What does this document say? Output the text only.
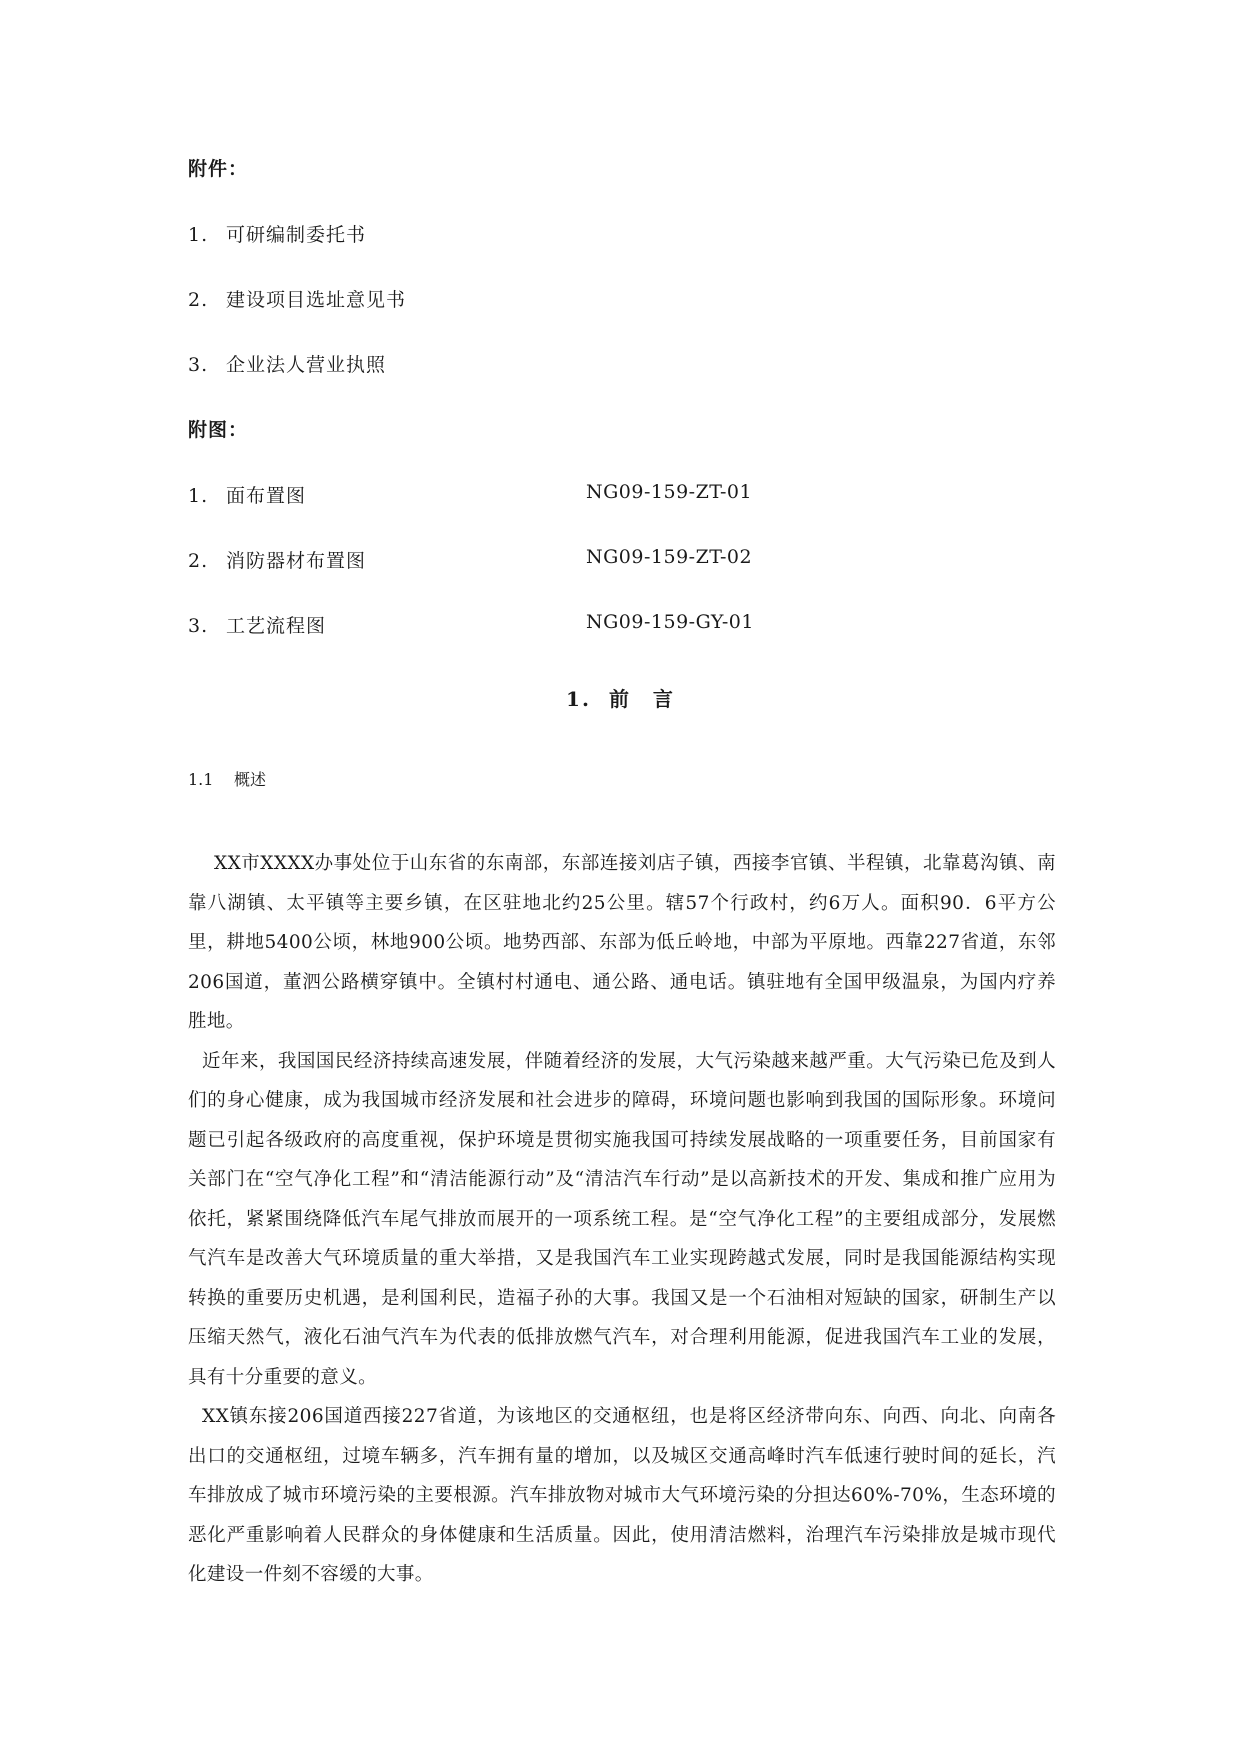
附件：
1. 可研编制委托书
2. 建设项目选址意见书
3. 企业法人营业执照
附图：
1. 面布置图	NG09-159-ZT-01
2. 消防器材布置图	NG09-159-ZT-02
3. 工艺流程图	NG09-159-GY-01
1. 前　言
1.1 概述

XX市XXXX办事处位于山东省的东南部，东部连接刘店子镇，西接李官镇、半程镇，北靠葛沟镇、南靠八湖镇、太平镇等主要乡镇，在区驻地北约25公里。辖57个行政村，约6万人。面积90．6平方公里，耕地5400公顷，林地900公顷。地势西部、东部为低丘岭地，中部为平原地。西靠227省道，东邻206国道，董泗公路横穿镇中。全镇村村通电、通公路、通电话。镇驻地有全国甲级温泉，为国内疗养胜地。

近年来，我国国民经济持续高速发展，伴随着经济的发展，大气污染越来越严重。大气污染已危及到人们的身心健康，成为我国城市经济发展和社会进步的障碍，环境问题也影响到我国的国际形象。环境问题已引起各级政府的高度重视，保护环境是贯彻实施我国可持续发展战略的一项重要任务，目前国家有关部门在“空气净化工程”和“清洁能源行动”及“清洁汽车行动”是以高新技术的开发、集成和推广应用为依托，紧紧围绕降低汽车尾气排放而展开的一项系统工程。是“空气净化工程”的主要组成部分，发展燃气汽车是改善大气环境质量的重大举措，又是我国汽车工业实现跨越式发展，同时是我国能源结构实现转换的重要历史机遇，是利国利民，造福子孙的大事。我国又是一个石油相对短缺的国家，研制生产以压缩天然气，液化石油气汽车为代表的低排放燃气汽车，对合理利用能源，促进我国汽车工业的发展，具有十分重要的意义。

XX镇东接206国道西接227省道，为该地区的交通枢纽，也是将区经济带向东、向西、向北、向南各出口的交通枢纽，过境车辆多，汽车拥有量的增加，以及城区交通高峰时汽车低速行驶时间的延长，汽车排放成了城市环境污染的主要根源。汽车排放物对城市大气环境污染的分担达60%-70%，生态环境的恶化严重影响着人民群众的身体健康和生活质量。因此，使用清洁燃料，治理汽车污染排放是城市现代化建设一件刻不容缓的大事。
